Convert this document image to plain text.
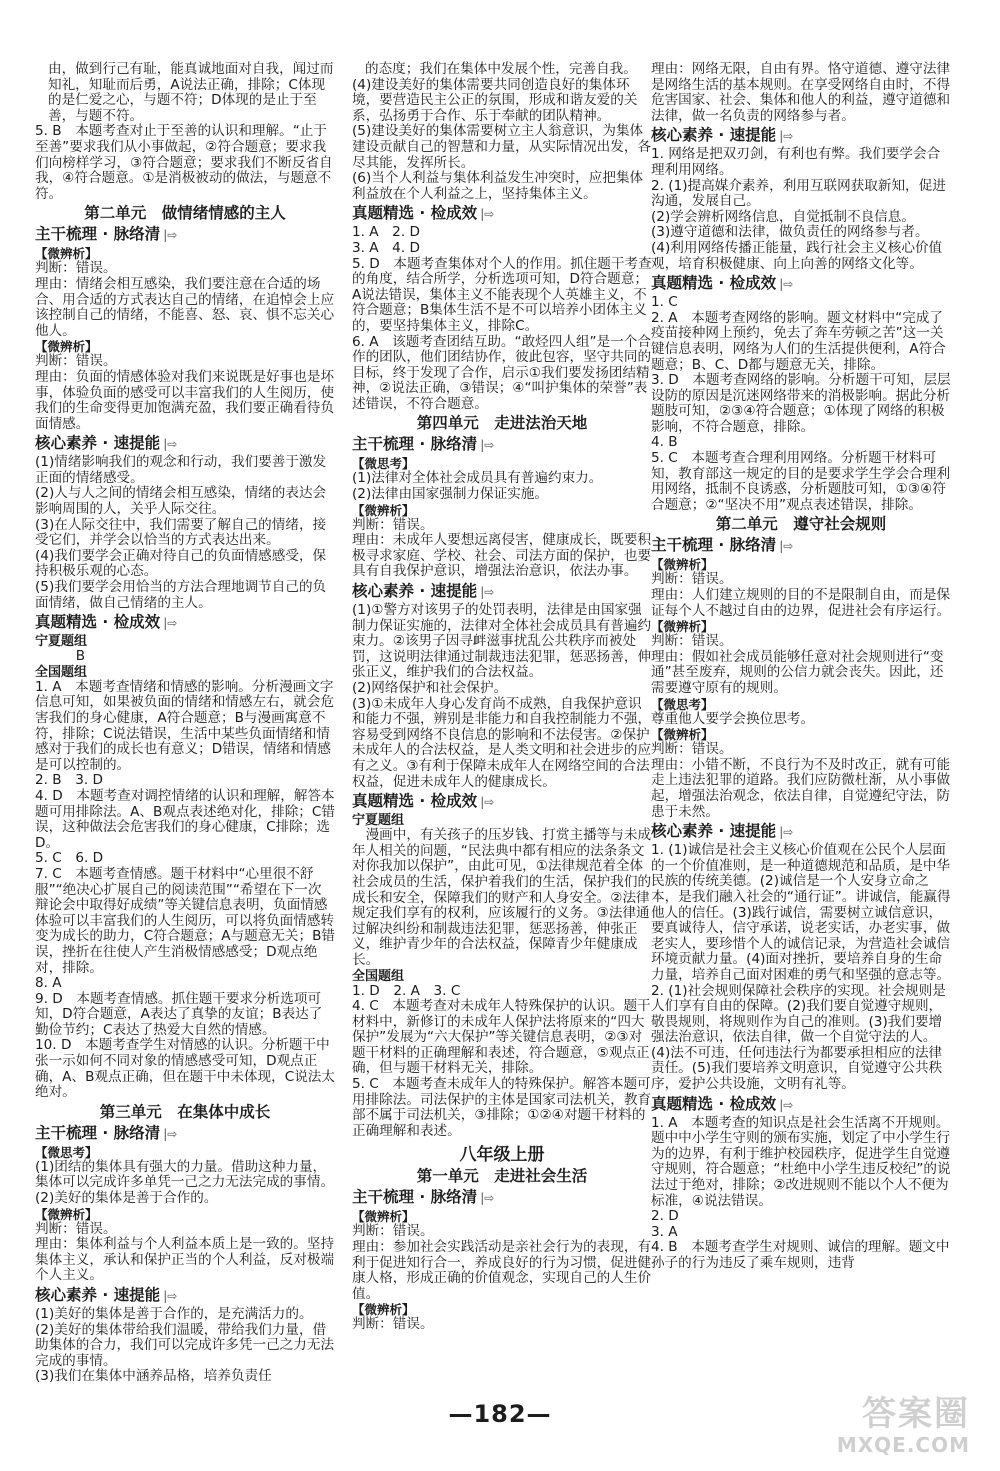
由，做到行己有耻，能真诚地面对自我，闻过而知礼，知耻而后勇，A说法正确，排除；C体现的是仁爱之心，与题不符；D体现的是止于至善，与题不符。
5. B　本题考查对止于至善的认识和理解。“止于至善”要求我们从小事做起，②符合题意；要求我们向榜样学习，③符合题意；要求我们不断反省自我，④符合题意。①是消极被动的做法，与题意不符。
第二单元　做情绪情感的主人
主干梳理 · 脉络清 |⇨
【微辨析】
判断：错误。
理由：情绪会相互感染，我们要注意在合适的场合、用合适的方式表达自己的情绪，在追悼会上应该控制自己的情绪，不能喜、怒、哀、惧不忘关心他人。
【微辨析】
判断：错误。
理由：负面的情感体验对我们来说既是好事也是坏事，体验负面的感受可以丰富我们的人生阅历，使我们的生命变得更加饱满充盈，我们要正确看待负面情感。
核心素养 · 速提能 |⇨
(1)情绪影响我们的观念和行动，我们要善于激发正面的情绪感受。
(2)人与人之间的情绪会相互感染，情绪的表达会影响周围的人，关乎人际交往。
(3)在人际交往中，我们需要了解自己的情绪，接受它们，并学会以恰当的方式表达出来。
(4)我们要学会正确对待自己的负面情感感受，保持积极乐观的心态。
(5)我们要学会用恰当的方法合理地调节自己的负面情绪，做自己情绪的主人。
真题精选 · 检成效 |⇨
宁夏题组
　　　B
全国题组
1. A　本题考查情绪和情感的影响。分析漫画文字信息可知，如果被负面的情绪和情感左右，就会危害我们的身心健康，A符合题意；B与漫画寓意不符，排除；C说法错误，生活中某些负面情绪和情感对于我们的成长也有意义；D错误，情绪和情感是可以控制的。
2. B　3. D
4. D　本题考查对调控情绪的认识和理解，解答本题可用排除法。A、B观点表述绝对化，排除；C错误，这种做法会危害我们的身心健康，C排除；选D。
5. C　6. D
7. C　本题考查情感。题干材料中“心里很不舒服”“绝决心扩展自己的阅读范围”“希望在下一次辩论会中取得好成绩”等关键信息表明，负面情感体验可以丰富我们的人生阅历，可以将负面情感转变为成长的助力，C符合题意；A与题意无关；B错误，挫折在往使人产生消极情感感受；D观点绝对，排除。
8. A
9. D　本题考查情感。抓住题干要求分析选项可知，D符合题意，A表达了真挚的友谊；B表达了勤俭节约；C表达了热爱大自然的情感。
10. D　本题考查学生对情感的认识。分析题干中张一示如何不同对象的情感感受可知，D观点正确，A、B观点正确，但在题干中未体现，C说法太绝对。
第三单元　在集体中成长
主干梳理 · 脉络清 |⇨
【微思考】
(1)团结的集体具有强大的力量。借助这种力量，集体可以完成许多单凭一己之力无法完成的事情。
(2)美好的集体是善于合作的。
【微辨析】
判断：错误。
理由：集体利益与个人利益本质上是一致的。坚持集体主义，承认和保护正当的个人利益，反对极端个人主义。
核心素养 · 速提能 |⇨
(1)美好的集体是善于合作的，是充满活力的。
(2)美好的集体带给我们温暖，带给我们力量，借助集体的合力，我们可以完成许多凭一己之力无法完成的事情。
(3)我们在集体中涵养品格，培养负责任
的态度；我们在集体中发展个性，完善自我。
(4)建设美好的集体需要共同创造良好的集体环境，要营造民主公正的氛围，形成和谐友爱的关系，弘扬勇于合作、乐于奉献的团队精神。
(5)建设美好的集体需要树立主人翁意识，为集体建设贡献自己的智慧和力量，从实际情况出发，各尽其能，发挥所长。
(6)当个人利益与集体利益发生冲突时，应把集体利益放在个人利益之上，坚持集体主义。
真题精选 · 检成效 |⇨
1. A　2. D
3. A　4. D
5. D　本题考查集体对个人的作用。抓住题干考查的角度，结合所学，分析选项可知，D符合题意；A说法错误，集体主义不能表现个人英雄主义，不符合题意；B集体生活不是不可以培养小团体主义的，要坚持集体主义，排除C。
6. A　该题考查团结互助。“敢烃四人组”是一个合作的团队，他们团结协作，彼此包容，坚守共同的目标，终于发现了合作，启示①我们要发扬团结精神，②说法正确，③错误；④“叫护集体的荣誉”表述错误，不符合题意。
第四单元　走进法治天地
主干梳理 · 脉络清 |⇨
【微思考】
(1)法律对全体社会成员具有普遍约束力。
(2)法律由国家强制力保证实施。
【微辨析】
判断：错误。
理由：未成年人要想远离侵害，健康成长，既要积极寻求家庭、学校、社会、司法方面的保护，也要具有自我保护意识，增强法治意识，依法办事。
核心素养 · 速提能 |⇨
(1)①警方对该男子的处罚表明，法律是由国家强制力保证实施的，法律对全体社会成员具有普遍约束力。②该男子因寻衅滋事扰乱公共秩序而被处罚，这说明法律通过制裁违法犯罪，惩恶扬善，伸张正义，维护我们的合法权益。
(2)网络保护和社会保护。
(3)①未成年人身心发育尚不成熟，自我保护意识和能力不强，辨别是非能力和自我控制能力不强，容易受到网络不良信息的影响和不法侵害。②保护未成年人的合法权益，是人类文明和社会进步的应有之义。③有利于保障未成年人在网络空间的合法权益，促进未成年人的健康成长。
真题精选 · 检成效 |⇨
宁夏题组
　漫画中，有关孩子的压岁钱、打赏主播等与未成年人相关的问题，“民法典中都有相应的法条条文对你我加以保护”，由此可见，①法律规范着全体社会成员的生活，保护着我们的生活，保护我们的成长和安全，保障我们的财产和人身安全。②法律规定我们享有的权利，应该履行的义务。③法律通过解决纠纷和制裁违法犯罪，惩恶扬善，伸张正义，维护青少年的合法权益，保障青少年健康成长。
全国题组
1. D　2. A　3. C
4. C　本题考查对未成年人特殊保护的认识。题干材料中，新修订的未成年人保护法将原来的“四大保护”发展为“六大保护”等关键信息表明，②③对题干材料的正确理解和表述，符合题意，⑤观点正确，但与题干材料无关，排除。
5. C　本题考查未成年人的特殊保护。解答本题可用排除法。司法保护的主体是国家司法机关，教育部不属于司法机关，③排除；①②④对题干材料的正确理解和表述。
八年级上册
第一单元　走进社会生活
主干梳理 · 脉络清 |⇨
【微辨析】
判断：错误。
理由：参加社会实践活动是亲社会行为的表现，有利于促进知行合一，养成良好的行为习惯，促进健康人格，形成正确的价值观念，实现自己的人生价值。
【微辨析】
判断：错误。
理由：网络无限，自由有界。恪守道德、遵守法律是网络生活的基本规则。在享受网络自由时，不得危害国家、社会、集体和他人的利益，遵守道德和法律，做一名负责的网络参与者。
核心素养 · 速提能 |⇨
1. 网络是把双刃剑，有利也有弊。我们要学会合理利用网络。
2. (1)提高媒介素养，利用互联网获取新知，促进沟通，发展自己。
(2)学会辨析网络信息，自觉抵制不良信息。
(3)遵守道德和法律，做负责任的网络参与者。
(4)利用网络传播正能量，践行社会主义核心价值观，培育积极健康、向上向善的网络文化等。
真题精选 · 检成效 |⇨
1. C
2. A　本题考查网络的影响。题文材料中“完成了疫苗接种网上预约，免去了奔车劳顿之苦”这一关键信息表明，网络为人们的生活提供便利，A符合题意；B、C、D都与题意无关，排除。
3. D　本题考查网络的影响。分析题干可知，层层设防的原因是沉迷网络带来的消极影响。据此分析题肢可知，②③④符合题意；①体现了网络的积极影响，不符合题意，排除。
4. B
5. C　本题考查合理利用网络。分析题干材料可知，教育部这一规定的目的是要求学生学会合理利用网络，抵制不良诱惑，分析题肢可知，①③④符合题意；②“坚决不用”观点表述错误，排除。
第二单元　遵守社会规则
主干梳理 · 脉络清 |⇨
【微辨析】
判断：错误。
理由：人们建立规则的目的不是限制自由，而是保证每个人不越过自由的边界，促进社会有序运行。
【微辨析】
判断：错误。
理由：假如社会成员能够任意对社会规则进行“变通”甚至废弃，规则的公信力就会丧失。因此，还需要遵守原有的规则。
【微思考】
尊重他人要学会换位思考。
【微辨析】
判断：错误。
理由：小错不断，不良行为不及时改正，就有可能走上违法犯罪的道路。我们应防微杜渐，从小事做起，增强法治观念，依法自律，自觉遵纪守法，防患于未然。
核心素养 · 速提能 |⇨
1. (1)诚信是社会主义核心价值观在公民个人层面的一个价值准则，是一种道德规范和品质，是中华民族的传统美德。(2)诚信是一个人安身立命之本，是我们融入社会的“通行证”。讲诚信，能赢得他人的信任。(3)践行诚信，需要树立诚信意识，要真诚待人，信守承诺，说老实话，办老实事，做老实人，要珍惜个人的诚信记录，为营造社会诚信环境贡献力量。(4)面对挫折，要培养自身的生命力量，培养自己面对困难的勇气和坚强的意志等。
2. (1)社会规则保障社会秩序的实现。社会规则是人们享有自由的保障。(2)我们要自觉遵守规则，敬畏规则，将规则作为自己的准则。(3)我们要增强法治意识，依法自律，做一个自觉守法的人。(4)法不可违，任何违法行为都要承担相应的法律责任。(5)我们要培养文明意识，自觉遵守公共秩序，爱护公共设施，文明有礼等。
真题精选 · 检成效 |⇨
1. A　本题考查的知识点是社会生活离不开规则。题中中小学生守则的颁布实施，划定了中小学生行为的边界，有利于维护校园秩序，促进学生自觉遵守规则，符合题意；“杜绝中小学生违反校纪”的说法过于绝对，排除；②改进规则不能以个人不便为标准，④说法错误。
2. D
3. A
4. B　本题考查学生对规则、诚信的理解。题文中孙子的行为违反了乘车规则，违背
—182—	答案圈
MXQE.COM
